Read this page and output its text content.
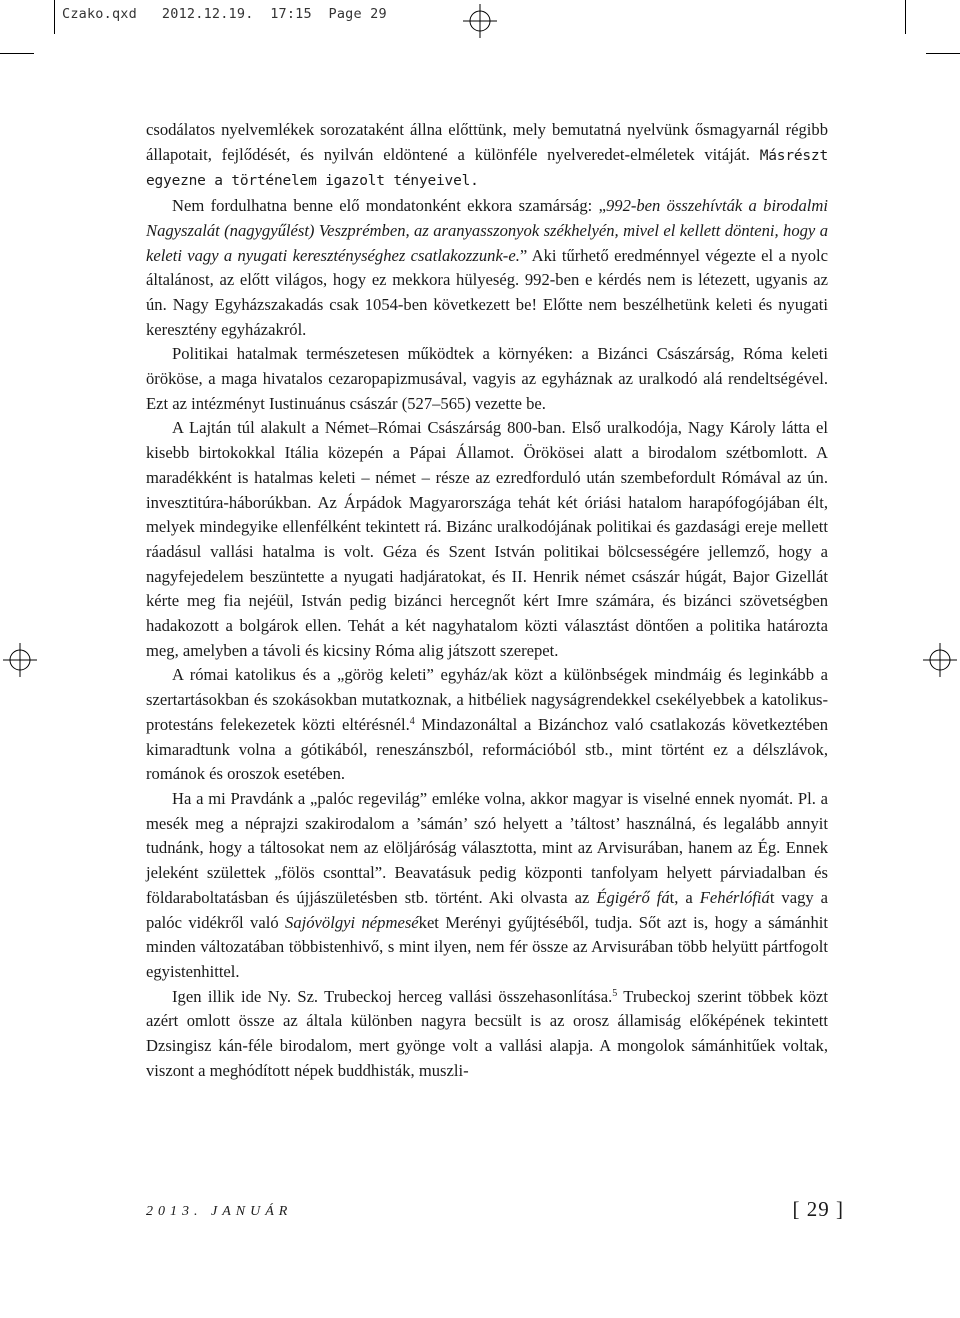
Czako.qxd   2012.12.19.  17:15  Page 29

csodálatos nyelvemlékek sorozataként állna előttünk, mely bemutatná nyelvünk ősmagyarnál régibb állapotait, fejlődését, és nyilván eldöntené a különféle nyelveredet-elméletek vitáját. Másrészt egyezne a történelem igazolt tényeivel.

Nem fordulhatna benne elő mondatonként ekkora szamárság: „992-ben összehívták a birodalmi Nagyszalát (nagygyűlést) Veszprémben, az aranyasszonyok székhelyén, mivel el kellett dönteni, hogy a keleti vagy a nyugati kereszténységhez csatlakozzunk-e.” Aki tűrhető eredménnyel végezte el a nyolc általánost, az előtt világos, hogy ez mekkora hülyeség. 992-ben e kérdés nem is létezett, ugyanis az ún. Nagy Egyházszakadás csak 1054-ben következett be! Előtte nem beszélhetünk keleti és nyugati keresztény egyházakról.

Politikai hatalmak természetesen működtek a környéken: a Bizánci Császárság, Róma keleti örököse, a maga hivatalos cezaropapizmusával, vagyis az egyháznak az uralkodó alá rendeltségével. Ezt az intézményt Iustinuánus császár (527–565) vezette be.

A Lajtán túl alakult a Német–Római Császárság 800-ban. Első uralkodója, Nagy Károly látta el kisebb birtokokkal Itália közepén a Pápai Államot. Örökösei alatt a birodalom szétbomlott. A maradékként is hatalmas keleti – német – része az ezredforduló után szembefordult Rómával az ún. invesztitúra-háborúkban. Az Árpádok Magyarországa tehát két óriási hatalom harapófogójában élt, melyek mindegyike ellenfélként tekintett rá. Bizánc uralkodójának politikai és gazdasági ereje mellett ráadásul vallási hatalma is volt. Géza és Szent István politikai bölcsességére jellemző, hogy a nagyfejedelem beszüntette a nyugati hadjáratokat, és II. Henrik német császár húgát, Bajor Gizellát kérte meg fia nejéül, István pedig bizánci hercegnőt kért Imre számára, és bizánci szövetségben hadakozott a bolgárok ellen. Tehát a két nagyhatalom közti választást döntően a politika határozta meg, amelyben a távoli és kicsiny Róma alig játszott szerepet.

A római katolikus és a „görög keleti” egyház/ak közt a különbségek mindmáig és leginkább a szertartásokban és szokásokban mutatkoznak, a hitbéliek nagyságrendekkel csekélyebbek a katolikus-protestáns felekezetek közti eltérésnél.$^4$ Mindazonáltal a Bizánchoz való csatlakozás következtében kimaradtunk volna a gótikából, reneszánszból, reformációból stb., mint történt ez a délszlávok, románok és oroszok esetében.

Ha a mi Pravdánk a „palóc regevilág” emléke volna, akkor magyar is viselné ennek nyomát. Pl. a mesék meg a néprajzi szakirodalom a ’sámán’ szó helyett a ’táltost’ használná, és legalább annyit tudnánk, hogy a táltosokat nem az elöljáróság választotta, mint az Arvisurában, hanem az Ég. Ennek jeleként születtek „fölös csonttal”. Beavatásuk pedig központi tanfolyam helyett párviadalban és földaraboltatásban és újjászületésben stb. történt. Aki olvasta az Égigérő fát, a Fehérlófiát vagy a palóc vidékről való Sajóvölgyi népmeséket Merényi gyűjtéséből, tudja. Sőt azt is, hogy a sámánhit minden változatában többistenhivő, s mint ilyen, nem fér össze az Arvisurában több helyütt pártfogolt egyistenhittel.

Igen illik ide Ny. Sz. Trubeckoj herceg vallási összehasonlítása.$^5$ Trubeckoj szerint többek közt azért omlott össze az általa különben nagyra becsült is az orosz államiság előképének tekintett Dzsingisz kán-féle birodalom, mert gyönge volt a vallási alapja. A mongolok sámánhitűek voltak, viszont a meghódított népek buddhisták, muszli-

2013. JANUÁR	[ 29 ]
